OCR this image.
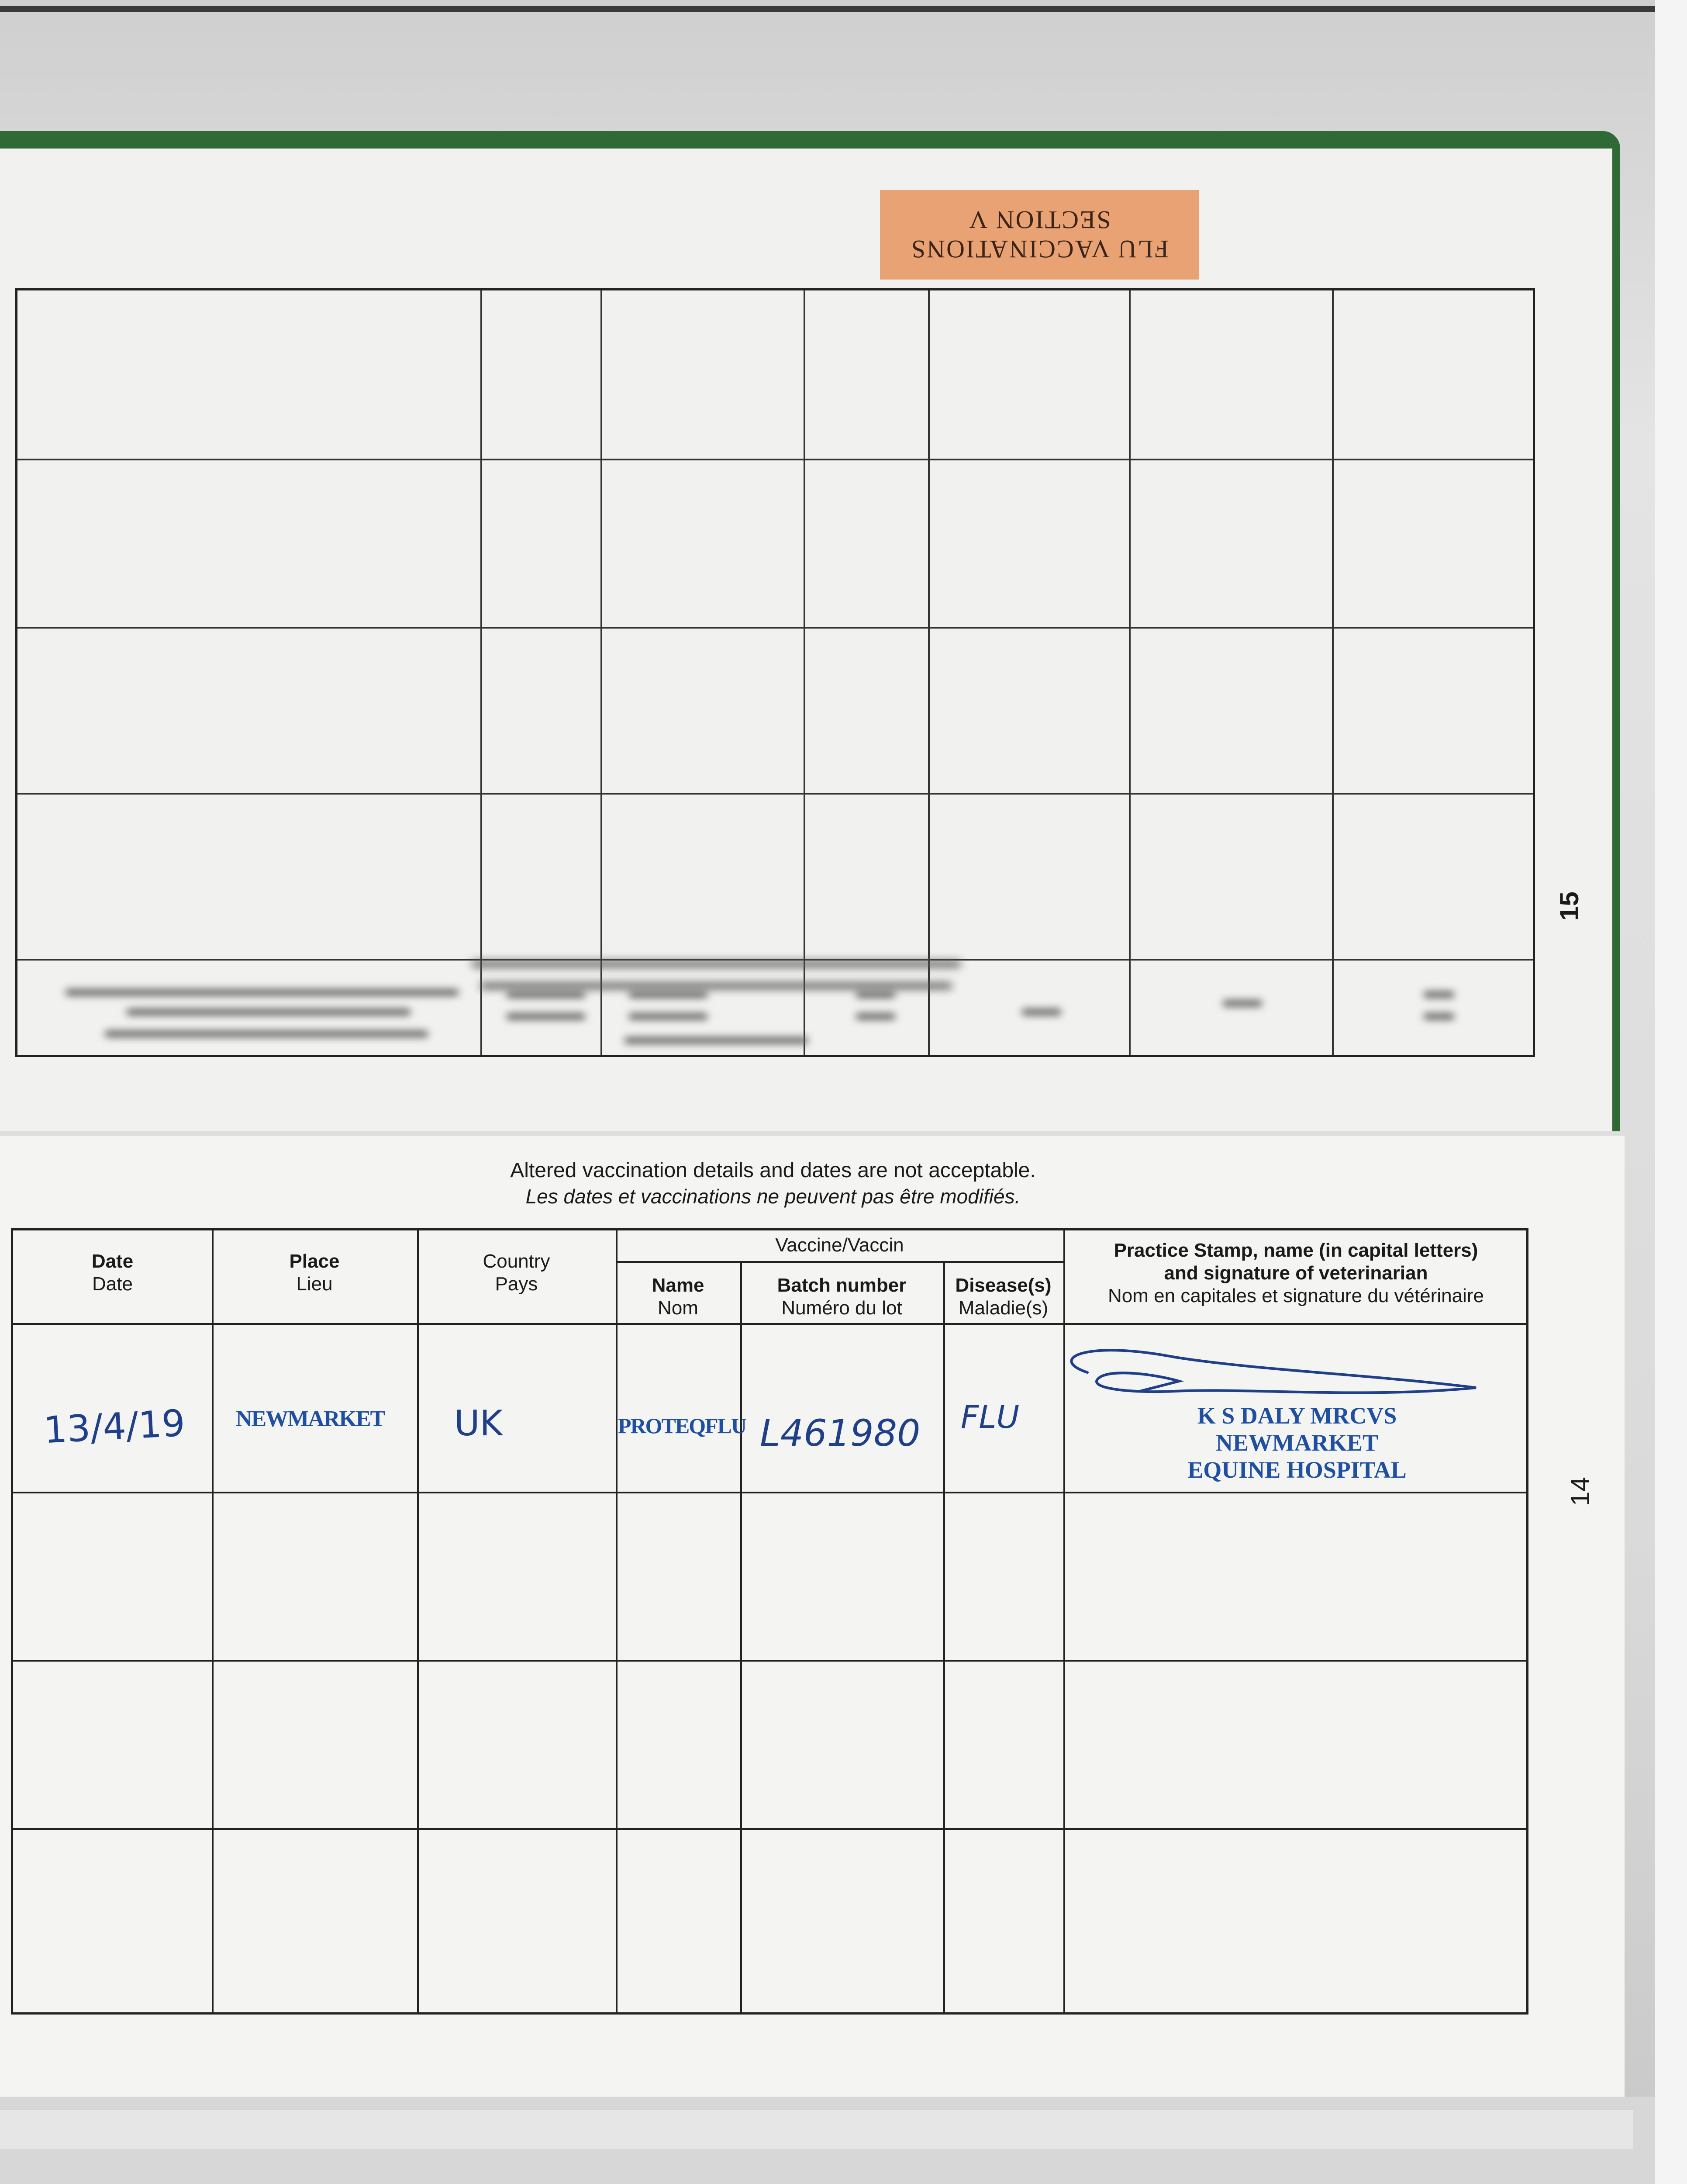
FLU VACCINATIONS
SECTION V
15
Altered vaccination details and dates are not acceptable.
Les dates et vaccinations ne peuvent pas être modifiés.
Date
Date
Place
Lieu
Country
Pays
Vaccine/Vaccin
Name
Nom
Batch number
Numéro du lot
Disease(s)
Maladie(s)
Practice Stamp, name (in capital letters)
and signature of veterinarian
Nom en capitales et signature du vétérinaire
13/4/19 NEWMARKET UK	PROTEQFLU L461980 FLU	K S DALY MRCVS
NEWMARKET
EQUINE HOSPITAL
14
